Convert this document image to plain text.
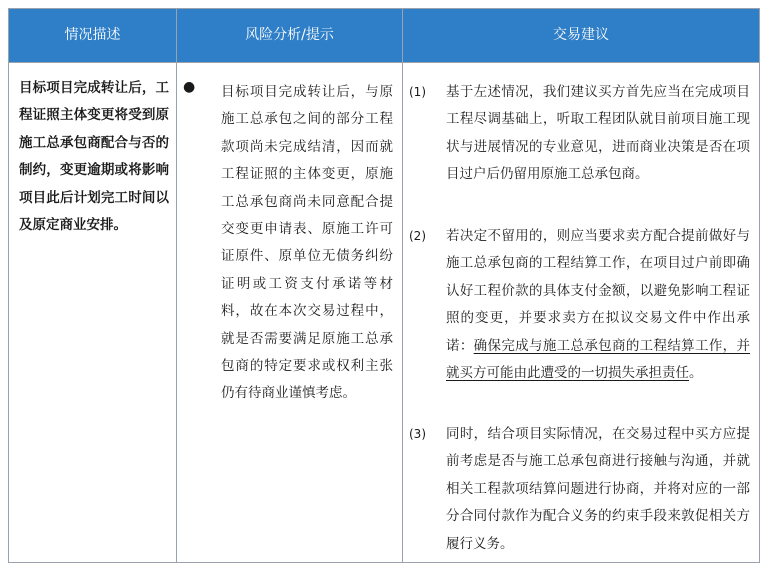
情况描述	风险分析/提示	交易建议
目标项目完成转让后，工程证照主体变更将受到原施工总承包商配合与否的制约，变更逾期或将影响项目此后计划完工时间以及原定商业安排。
● 目标项目完成转让后，与原施工总承包之间的部分工程款项尚未完成结清，因而就工程证照的主体变更，原施工总承包商尚未同意配合提交变更申请表、原施工许可证原件、原单位无债务纠纷证明或工资支付承诺等材料，故在本次交易过程中，就是否需要满足原施工总承包商的特定要求或权利主张仍有待商业谨慎考虑。
(1) 基于左述情况，我们建议买方首先应当在完成项目工程尽调基础上，听取工程团队就目前项目施工现状与进展情况的专业意见，进而商业决策是否在项目过户后仍留用原施工总承包商。
(2) 若决定不留用的，则应当要求卖方配合提前做好与施工总承包商的工程结算工作，在项目过户前即确认好工程价款的具体支付金额，以避免影响工程证照的变更，并要求卖方在拟议交易文件中作出承诺：确保完成与施工总承包商的工程结算工作，并就买方可能由此遭受的一切损失承担责任。
(3) 同时，结合项目实际情况，在交易过程中买方应提前考虑是否与施工总承包商进行接触与沟通，并就相关工程款项结算问题进行协商，并将对应的一部分合同付款作为配合义务的约束手段来敦促相关方履行义务。
